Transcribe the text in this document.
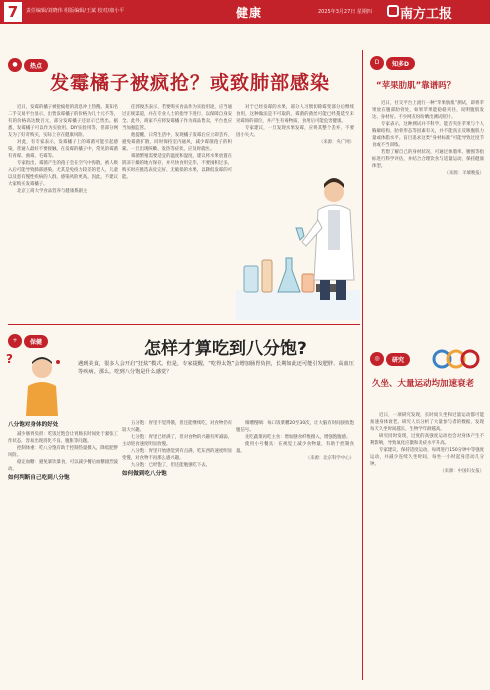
7	责任编辑/刘晓伟 组版编辑/王斌 校对/康小平	健康	2025年3月27日 星期四 南方工报
●	热点
发霉橘子被疯抢？或致肺部感染

近日，发霉的橘子被抢疯抢的消息冲上热搜。某知名二手交易平台显示，出售发霉橘子的价格为几十元不等，有的价格高达数百元，部分发霉橘子还显示已售出。据悉，发霉橘子可以作为实验用、DIY实验用等，但部分网友为了好奇购买，实际上存在健康风险。

对此，有专家表示，发霉橘子上的霉菌可能引起感染，普通人最好不要接触。在发霉的橘子中，常见的霉菌有青霉、曲霉、毛霉等。

专家指出，霉菌产生的孢子会在空气中弥散，被人吸入后可能导致肺部感染。尤其是免疫力较差的老人、儿童以及患有慢性疾病的人群，感染风险更高。因此，不建议大家购买发霉橘子。

北京工商大学食品营养与健康系副主

任郭俊杰表示，若要购买食品作为实验用途，应当通过正规渠道，并在专业人士的指导下进行，以保障自身安全。此外，商家不应将发霉橘子作为商品售卖，平台也应当加强监管。

他提醒，日常生活中，发现橘子发霉后应立即丢弃，避免霉菌扩散，同时保持室内通风，减少霉菌孢子的积累。一旦出现咳嗽、发热等症状，应及时就医。

霉菌繁殖需要适宜的温度和湿度，建议将水果放置在阴凉干燥的地方保存，并尽快食用完毕，不要囤积过多。购买时应挑选表皮完好、无破损的水果，以降低发霉的可能。

对于已经发霉的水果，部分人习惯切除霉变部分后继续食用，这种做法是不可取的。霉菌的菌丝可能已经蔓延至未见霉斑的部位，并产生有毒物质，食用后可能危害健康。

专家建议，一旦发现水果发霉，应将其整个丢弃，不要因小失大。

（来源：央广网）

D	知多D
“苹果肋肌”靠谱吗？

近日，社交平台上流行一种“苹果肋肌”测试，即将苹果放在腹部肋骨处，如果苹果能稳稳夹住，说明腹肌发达、身材好。不少网友纷纷晒出测试照片。

专家表示，这种测试并不科学。能否夹住苹果与个人胸廓结构、肋骨形态等因素有关，并不能真正反映腹肌力量或体脂水平。盲目追求这类“身材标准”可能导致过度节食或不当训练。

若想了解自己的身材状况，可通过体脂率、腰围等指标进行科学评估，并结合合理饮食与适量运动，保持健康体型。

（来源：羊城晚报）

+	保健	怎样才算吃到八分饱?
?	遇到美食，很多人会开启“狂炫”模式。但是，专家提醒，“吃得太饱”会增加肠胃负担，长期如此还可能引发肥胖、高血压等疾病。那么，吃到八分饱是什么感觉？

八分饱对身体的好处

减少肠胃负担：吃饭过饱会让胃肠长时间处于紧张工作状态，容易出现消化不良、腹胀等问题。

控制体重：吃八分饱有助于控制热量摄入，降低肥胖风险。

稳定血糖：避免暴饮暴食，可以减少餐后血糖剧烈波动。

如何判断自己吃到八分饱

五分饱：胃里不觉得饿，但还能继续吃，对食物仍有较大兴趣。

七分饱：胃里已经满了，但对食物的兴趣有所减弱，主动进食速度明显放慢。

八分饱：胃里开始感觉到有点满，吃东西的速度明显变慢，对食物不再那么感兴趣。

九分饱：已经饱了，但还能勉强吃下去。

如何做到吃八分饱

细嚼慢咽：每口饭菜嚼20至30次，让大脑有时间接收饱腹信号。

先吃蔬菜再吃主食：增加膳食纤维摄入，增强饱腹感。

使用小号餐具：在视觉上减少食物量，有助于控制食量。

（来源：北京科学中心）

◎	研究
久坐、大量运动均加速衰老

近日，一项研究发现，长时间久坐和过量运动都可能加速身体衰老。研究人员分析了大量参与者的数据，发现每天久坐时间越长，生物学年龄越高。

研究同时发现，过度的高强度运动也会对身体产生不利影响，导致氧化应激和炎症水平升高。

专家建议，保持适度运动，每周进行150分钟中等强度运动，并减少连续久坐时间，每坐一小时起身活动几分钟。

（来源：中国妇女报）
